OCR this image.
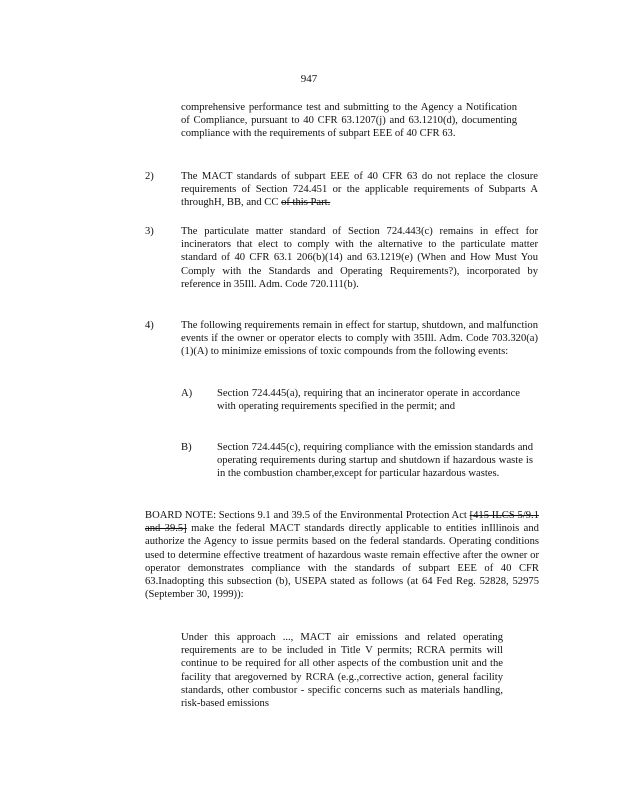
947

comprehensive performance test and submitting to the Agency a Notification of Compliance, pursuant to 40 CFR 63.1207(j) and 63.1210(d), documenting compliance with the requirements of subpart EEE of 40 CFR 63.

2)	The MACT standards of subpart EEE of 40 CFR 63 do not replace the closure requirements of Section 724.451 or the applicable requirements of Subparts A throughH, BB, and CC of this Part.

3)	The particulate matter standard of Section 724.443(c) remains in effect for incinerators that elect to comply with the alternative to the particulate matter standard of 40 CFR 63.1 206(b)(14) and 63.1219(e) (When and How Must You Comply with the Standards and Operating Requirements?), incorporated by reference in 35Ill. Adm. Code 720.111(b).

4)	The following requirements remain in effect for startup, shutdown, and malfunction events if the owner or operator elects to comply with 35Ill. Adm. Code 703.320(a)(1)(A) to minimize emissions of toxic compounds from the following events:

A) Section 724.445(a), requiring that an incinerator operate in accordance with operating requirements specified in the permit; and

B) Section 724.445(c), requiring compliance with the emission standards and operating requirements during startup and shutdown if hazardous waste is in the combustion chamber,except for particular hazardous wastes.

BOARD NOTE: Sections 9.1 and 39.5 of the Environmental Protection Act [415 ILCS 5/9.1 and 39.5] make the federal MACT standards directly applicable to entities inIllinois and authorize the Agency to issue permits based on the federal standards. Operating conditions used to determine effective treatment of hazardous waste remain effective after the owner or operator demonstrates compliance with the standards of subpart EEE of 40 CFR 63.Inadopting this subsection (b), USEPA stated as follows (at 64 Fed Reg. 52828, 52975 (September 30, 1999)):

Under this approach ..., MACT air emissions and related operating requirements are to be included in Title V permits; RCRA permits will continue to be required for all other aspects of the combustion unit and the facility that aregoverned by RCRA (e.g.,corrective action, general facility standards, other combustor - specific concerns such as materials handling, risk-based emissions
